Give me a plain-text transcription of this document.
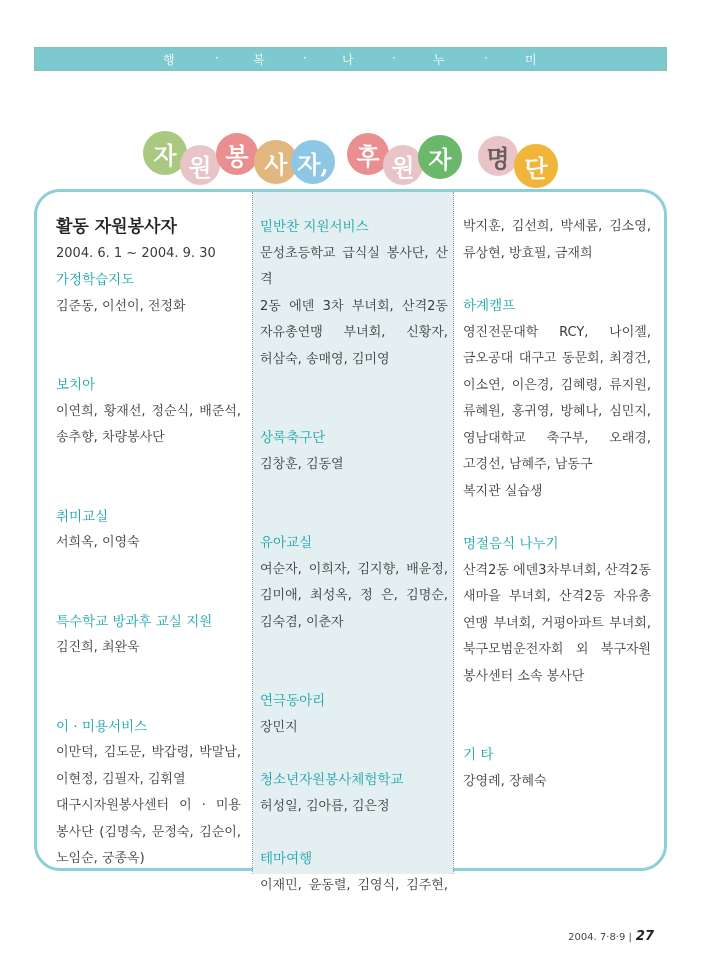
행	·	복	·	나	·	누	·	미
자 원 봉 사 자,	후 원 자	명 단

활동 자원봉사자

2004. 6. 1 ~ 2004. 9. 30

가정학습지도

김준동, 이선이, 전정화

보치아

이연희, 황재선, 정순식, 배준석,

송추향, 차량봉사단

취미교실

서희옥, 이영숙

특수학교 방과후 교실 지원

김진희, 최완욱

이 · 미용서비스

이만덕, 김도문, 박갑령, 박말남,

이현정, 김필자, 김휘열

대구시자원봉사센터 이 · 미용

봉사단 (김명숙, 문정숙, 김순이,

노임순, 궁종옥)

밑반찬 지원서비스

문성초등학교 급식실 봉사단, 산격

2동 에덴 3차 부녀회, 산격2동

자유총연맹 부녀회, 신황자,

허삼숙, 송매영, 김미영

상록축구단

김창훈, 김동열

유아교실

여순자, 이희자, 김지향, 배윤정,

김미애, 최성옥, 정 은, 김명순,

김숙겸, 이춘자

연극동아리

장민지

청소년자원봉사체험학교

허성일, 김아름, 김은정

테마여행

이재민, 윤동렬, 김영식, 김주현,

박지훈, 김선희, 박세롬, 김소영,

류상현, 방효필, 금재희

하계캠프

영진전문대학 RCY, 나이젤,

금오공대 대구고 동문회, 최경건,

이소연, 이은경, 김혜령, 류지원,

류혜원, 홍귀영, 방혜나, 심민지,

영남대학교 축구부, 오래경,

고경선, 남혜주, 남동구

복지관 실습생

명절음식 나누기

산격2동 에덴3차부녀회, 산격2동

새마을 부녀회, 산격2동 자유총

연맹 부녀회, 거평아파트 부녀회,

북구모범운전자회 외 북구자원

봉사센터 소속 봉사단

기 타

강영례, 장혜숙

2004. 7·8·9 | 27
